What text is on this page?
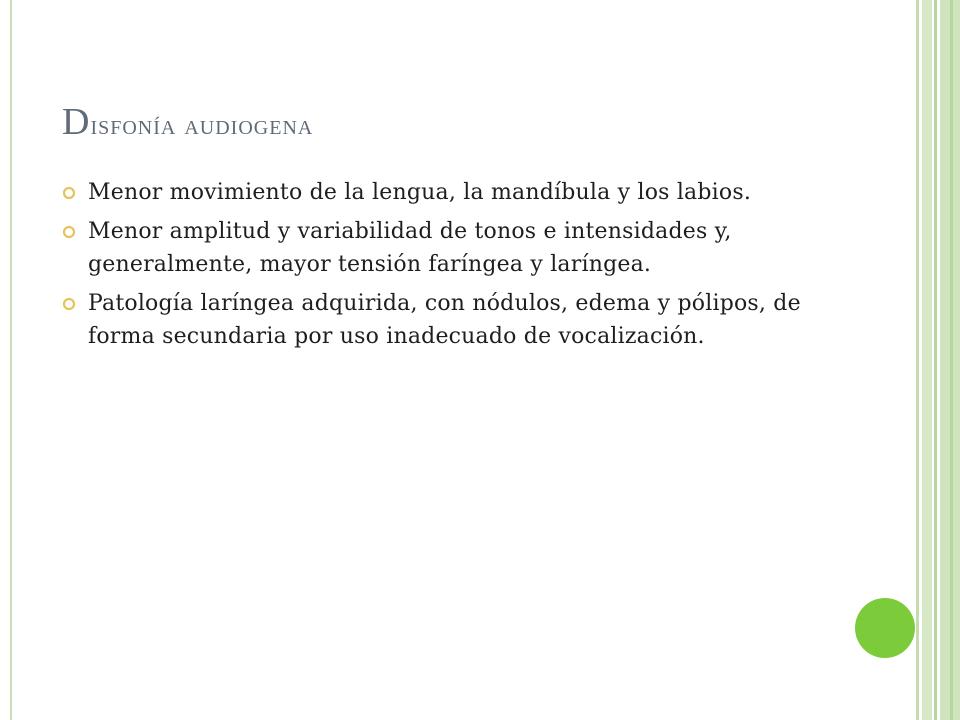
Disfonía audiogena
Menor movimiento de la lengua, la mandíbula y los labios.
Menor amplitud y variabilidad de tonos e intensidades y, generalmente, mayor tensión faríngea y laríngea.
Patología laríngea adquirida, con nódulos, edema y pólipos, de forma secundaria por uso inadecuado de vocalización.
